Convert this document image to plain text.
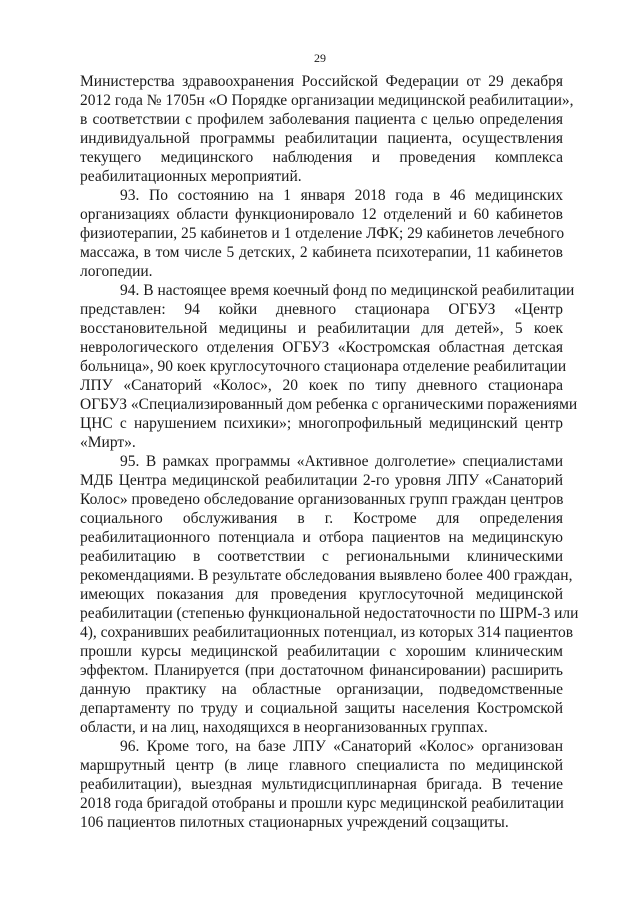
29
Министерства здравоохранения Российской Федерации от 29 декабря
2012 года № 1705н «О Порядке организации медицинской реабилитации»,
в соответствии с профилем заболевания пациента с целью определения
индивидуальной программы реабилитации пациента, осуществления
текущего медицинского наблюдения и проведения комплекса
реабилитационных мероприятий.
93. По состоянию на 1 января 2018 года в 46 медицинских
организациях области функционировало 12 отделений и 60 кабинетов
физиотерапии, 25 кабинетов и 1 отделение ЛФК; 29 кабинетов лечебного
массажа, в том числе 5 детских, 2 кабинета психотерапии, 11 кабинетов
логопедии.
94. В настоящее время коечный фонд по медицинской реабилитации
представлен: 94 койки дневного стационара ОГБУЗ «Центр
восстановительной медицины и реабилитации для детей», 5 коек
неврологического отделения ОГБУЗ «Костромская областная детская
больница», 90 коек круглосуточного стационара отделение реабилитации
ЛПУ «Санаторий «Колос», 20 коек по типу дневного стационара
ОГБУЗ «Специализированный дом ребенка с органическими поражениями
ЦНС с нарушением психики»; многопрофильный медицинский центр
«Мирт».
95. В рамках программы «Активное долголетие» специалистами
МДБ Центра медицинской реабилитации 2-го уровня ЛПУ «Санаторий
Колос» проведено обследование организованных групп граждан центров
социального обслуживания в г. Костроме для определения
реабилитационного потенциала и отбора пациентов на медицинскую
реабилитацию в соответствии с региональными клиническими
рекомендациями. В результате обследования выявлено более 400 граждан,
имеющих показания для проведения круглосуточной медицинской
реабилитации (степенью функциональной недостаточности по ШРМ-3 или
4), сохранивших реабилитационных потенциал, из которых 314 пациентов
прошли курсы медицинской реабилитации с хорошим клиническим
эффектом. Планируется (при достаточном финансировании) расширить
данную практику на областные организации, подведомственные
департаменту по труду и социальной защиты населения Костромской
области, и на лиц, находящихся в неорганизованных группах.
96. Кроме того, на базе ЛПУ «Санаторий «Колос» организован
маршрутный центр (в лице главного специалиста по медицинской
реабилитации), выездная мультидисциплинарная бригада. В течение
2018 года бригадой отобраны и прошли курс медицинской реабилитации
106 пациентов пилотных стационарных учреждений соцзащиты.
